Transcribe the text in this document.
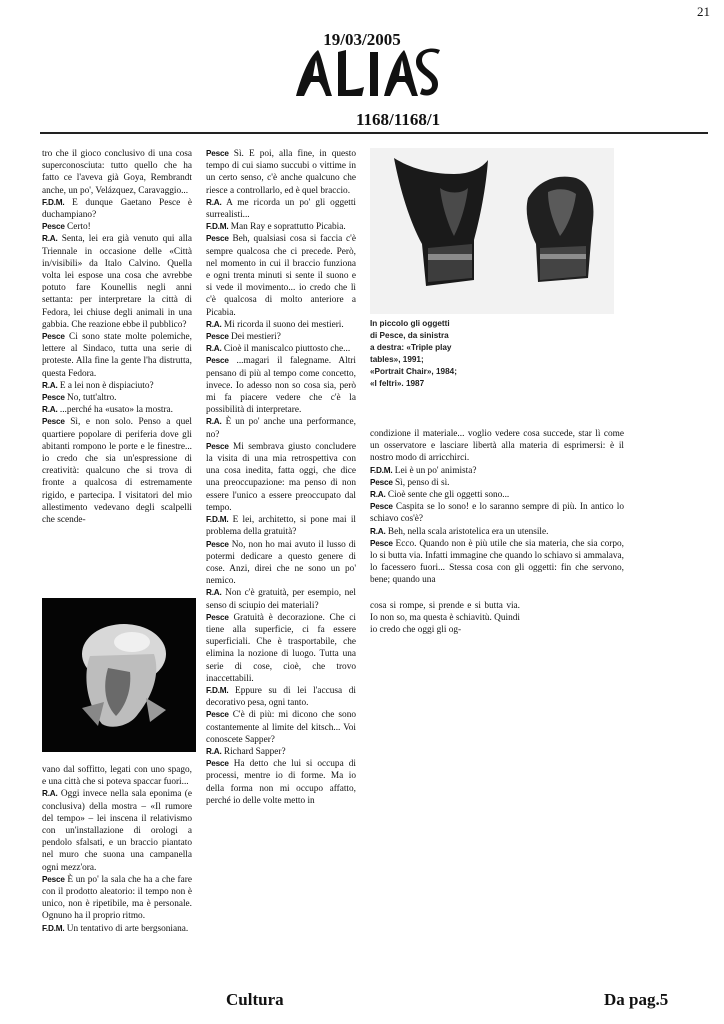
21
19/03/2005
1168/1168/1

tro che il gioco conclusivo di una cosa superconosciuta: tutto quello che ha fatto ce l'aveva già Goya, Rembrandt anche, un po', Velázquez, Caravaggio...

F.D.M. E dunque Gaetano Pesce è duchampiano?

Pesce Certo!

R.A. Senta, lei era già venuto qui alla Triennale in occasione delle «Città in/visibili» da Italo Calvino. Quella volta lei espose una cosa che avrebbe potuto fare Kounellis negli anni settanta: per interpretare la città di Fedora, lei chiuse degli animali in una gabbia. Che reazione ebbe il pubblico?

Pesce Ci sono state molte polemiche, lettere al Sindaco, tutta una serie di proteste. Alla fine la gente l'ha distrutta, questa Fedora.

R.A. E a lei non è dispiaciuto?

Pesce No, tutt'altro.

R.A. ...perché ha «usato» la mostra.

Pesce Sì, e non solo. Penso a quel quartiere popolare di periferia dove gli abitanti rompono le porte e le finestre... io credo che sia un'espressione di creatività: qualcuno che si trova di fronte a qualcosa di estremamente rigido, e partecipa. I visitatori del mio allestimento vedevano degli scalpelli che scende-

vano dal soffitto, legati con uno spago, e una città che si poteva spaccar fuori...

R.A. Oggi invece nella sala eponima (e conclusiva) della mostra – «Il rumore del tempo» – lei inscena il relativismo con un'installazione di orologi a pendolo sfalsati, e un braccio piantato nel muro che suona una campanella ogni mezz'ora.

Pesce È un po' la sala che ha a che fare con il prodotto aleatorio: il tempo non è unico, non è ripetibile, ma è personale. Ognuno ha il proprio ritmo.

F.D.M. Un tentativo di arte bergsoniana.

Pesce Sì. E poi, alla fine, in questo tempo di cui siamo succubi o vittime in un certo senso, c'è anche qualcuno che riesce a controllarlo, ed è quel braccio.

R.A. A me ricorda un po' gli oggetti surrealisti...

F.D.M. Man Ray e soprattutto Picabia.

Pesce Beh, qualsiasi cosa si faccia c'è sempre qualcosa che ci precede. Però, nel momento in cui il braccio funziona e ogni trenta minuti si sente il suono e si vede il movimento... io credo che lì c'è qualcosa di molto anteriore a Picabia.

R.A. Mi ricorda il suono dei mestieri.

Pesce Dei mestieri?

R.A. Cioè il maniscalco piuttosto che...

Pesce ...magari il falegname. Altri pensano di più al tempo come concetto, invece. Io adesso non so cosa sia, però mi fa piacere vedere che c'è la possibilità di interpretare.

R.A. È un po' anche una performance, no?

Pesce Mi sembrava giusto concludere la visita di una mia retrospettiva con una cosa inedita, fatta oggi, che dice una preoccupazione: ma penso di non essere l'unico a essere preoccupato dal tempo.

F.D.M. E lei, architetto, si pone mai il problema della gratuità?

Pesce No, non ho mai avuto il lusso di potermi dedicare a questo genere di cose. Anzi, direi che ne sono un po' nemico.

R.A. Non c'è gratuità, per esempio, nel senso di sciupio dei materiali?

Pesce Gratuità è decorazione. Che ci tiene alla superficie, ci fa essere superficiali. Che è trasportabile, che elimina la nozione di luogo. Tutta una serie di cose, cioè, che trovo inaccettabili.

F.D.M. Eppure su di lei l'accusa di decorativo pesa, ogni tanto.

Pesce C'è di più: mi dicono che sono costantemente al limite del kitsch... Voi conoscete Sapper?

R.A. Richard Sapper?

Pesce Ha detto che lui si occupa di processi, mentre io di forme. Ma io della forma non mi occupo affatto, perché io delle volte metto in

In piccolo gli oggetti
di Pesce, da sinistra
a destra: «Triple play
tables», 1991;
«Portrait Chair», 1984;
«I feltri». 1987

condizione il materiale... voglio vedere cosa succede, star lì come un osservatore e lasciare libertà alla materia di esprimersi: è il nostro modo di arricchirci.

F.D.M. Lei è un po' animista?

Pesce Sì, penso di sì.

R.A. Cioè sente che gli oggetti sono...

Pesce Caspita se lo sono! e lo saranno sempre di più. In antico lo schiavo cos'è?

R.A. Beh, nella scala aristotelica era un utensile.

Pesce Ecco. Quando non è più utile che sia materia, che sia corpo, lo si butta via. Infatti immagine che quando lo schiavo si ammalava, lo facessero fuori... Stessa cosa con gli oggetti: fin che servono, bene; quando una

cosa si rompe, si prende e si butta via. Io non so, ma questa è schiavitù. Quindi io credo che oggi gli og-

Cultura	Da pag.5
